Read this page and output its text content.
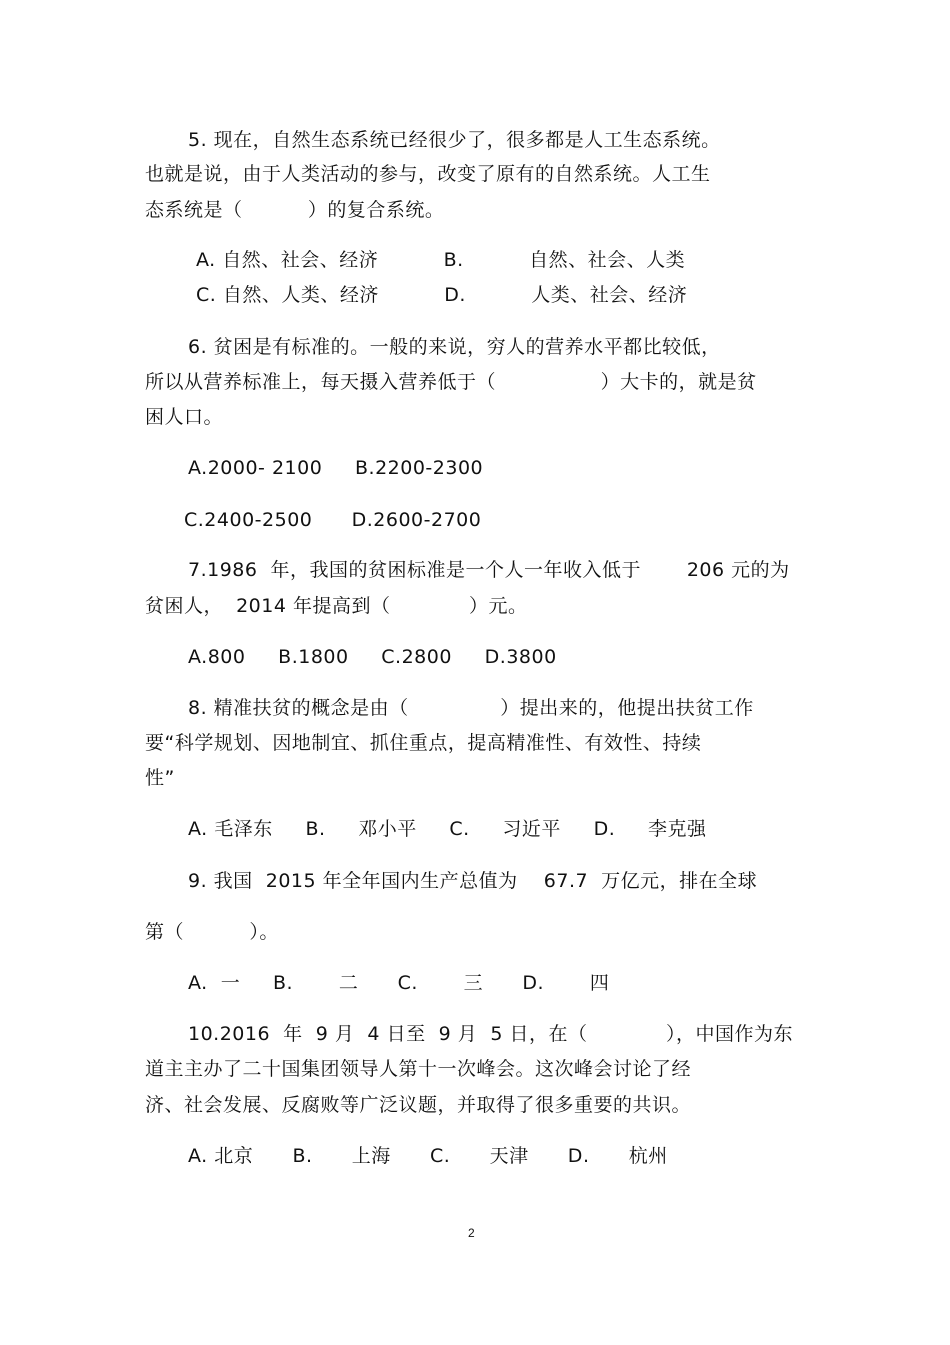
5. 现在，自然生态系统已经很少了，很多都是人工生态系统。

也就是说，由于人类活动的参与，改变了原有的自然系统。人工生

态系统是（          ）的复合系统。

A. 自然、社会、经济          B.          自然、社会、人类

C. 自然、人类、经济          D.          人类、社会、经济

6. 贫困是有标准的。一般的来说，穷人的营养水平都比较低，

所以从营养标准上，每天摄入营养低于（                ）大卡的，就是贫

困人口。

A.2000- 2100     B.2200-2300

C.2400-2500      D.2600-2700

7.1986  年，我国的贫困标准是一个人一年收入低于       206 元的为

贫困人，  2014 年提高到（            ）元。

A.800     B.1800     C.2800     D.3800

8. 精准扶贫的概念是由（              ）提出来的，他提出扶贫工作

要“科学规划、因地制宜、抓住重点，提高精准性、有效性、持续

性”

A. 毛泽东     B.     邓小平     C.     习近平     D.     李克强

9. 我国  2015 年全年国内生产总值为    67.7  万亿元，排在全球

第（          ）。

A.  一     B.       二      C.       三      D.       四

10.2016  年  9 月  4 日至  9 月  5 日，在（            ），中国作为东

道主主办了二十国集团领导人第十一次峰会。这次峰会讨论了经

济、社会发展、反腐败等广泛议题，并取得了很多重要的共识。

A. 北京      B.      上海      C.      天津      D.      杭州

2
